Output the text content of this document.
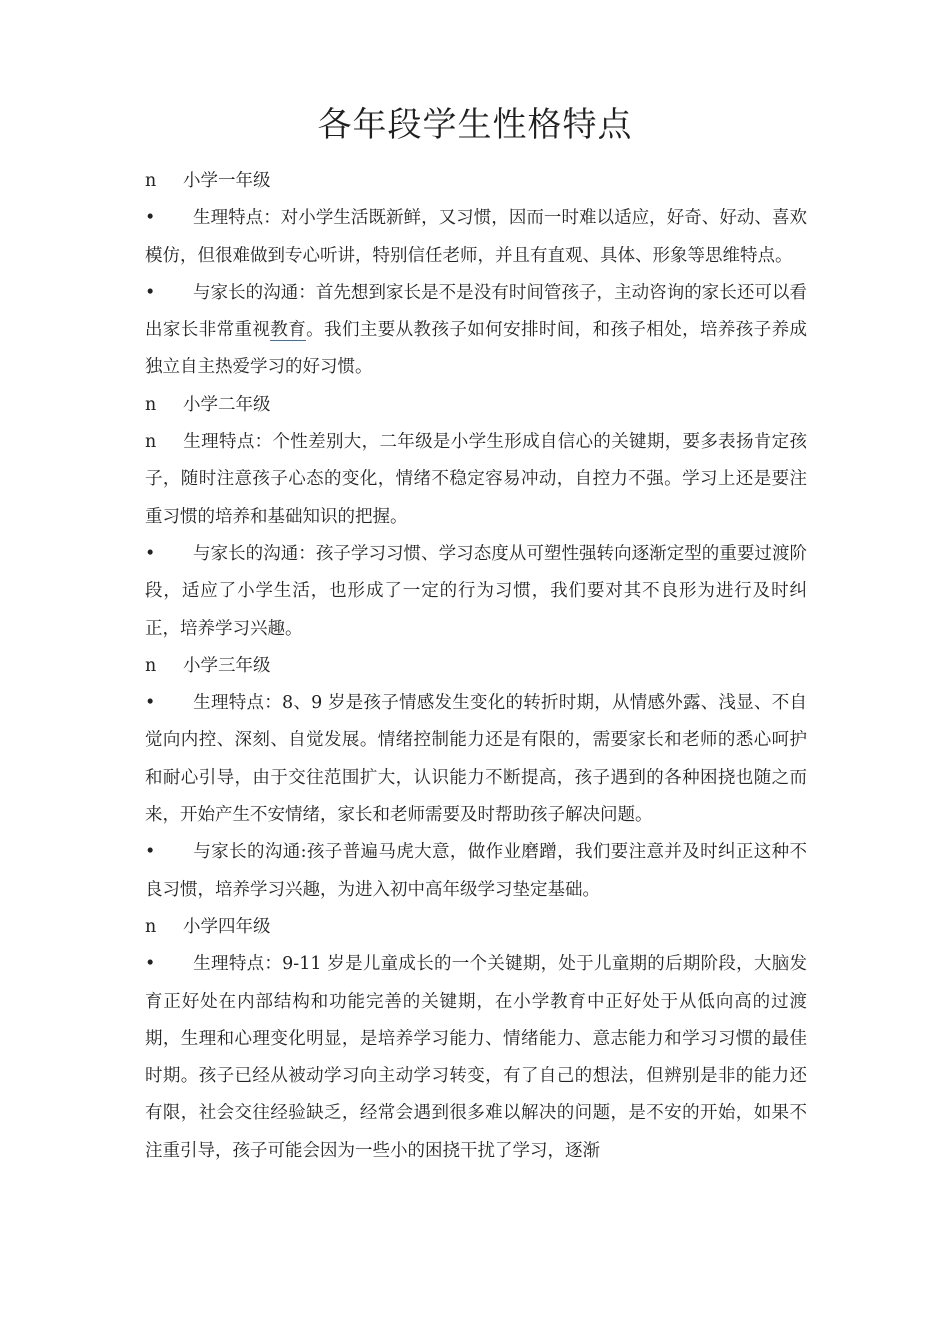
各年段学生性格特点

n 小学一年级

• 生理特点：对小学生活既新鲜，又习惯，因而一时难以适应，好奇、好动、喜欢模仿，但很难做到专心听讲，特别信任老师，并且有直观、具体、形象等思维特点。

• 与家长的沟通：首先想到家长是不是没有时间管孩子，主动咨询的家长还可以看出家长非常重视教育。我们主要从教孩子如何安排时间，和孩子相处，培养孩子养成独立自主热爱学习的好习惯。

n 小学二年级

n 生理特点：个性差别大，二年级是小学生形成自信心的关键期，要多表扬肯定孩子，随时注意孩子心态的变化，情绪不稳定容易冲动，自控力不强。学习上还是要注重习惯的培养和基础知识的把握。

• 与家长的沟通：孩子学习习惯、学习态度从可塑性强转向逐渐定型的重要过渡阶段，适应了小学生活，也形成了一定的行为习惯，我们要对其不良形为进行及时纠正，培养学习兴趣。

n 小学三年级

• 生理特点：8、9 岁是孩子情感发生变化的转折时期，从情感外露、浅显、不自觉向内控、深刻、自觉发展。情绪控制能力还是有限的，需要家长和老师的悉心呵护和耐心引导，由于交往范围扩大，认识能力不断提高，孩子遇到的各种困挠也随之而来，开始产生不安情绪，家长和老师需要及时帮助孩子解决问题。

• 与家长的沟通:孩子普遍马虎大意，做作业磨蹭，我们要注意并及时纠正这种不良习惯，培养学习兴趣，为进入初中高年级学习垫定基础。

n 小学四年级

• 生理特点：9-11 岁是儿童成长的一个关键期，处于儿童期的后期阶段，大脑发育正好处在内部结构和功能完善的关键期，在小学教育中正好处于从低向高的过渡期，生理和心理变化明显，是培养学习能力、情绪能力、意志能力和学习习惯的最佳时期。孩子已经从被动学习向主动学习转变，有了自己的想法，但辨别是非的能力还有限，社会交往经验缺乏，经常会遇到很多难以解决的问题，是不安的开始，如果不注重引导，孩子可能会因为一些小的困挠干扰了学习，逐渐
